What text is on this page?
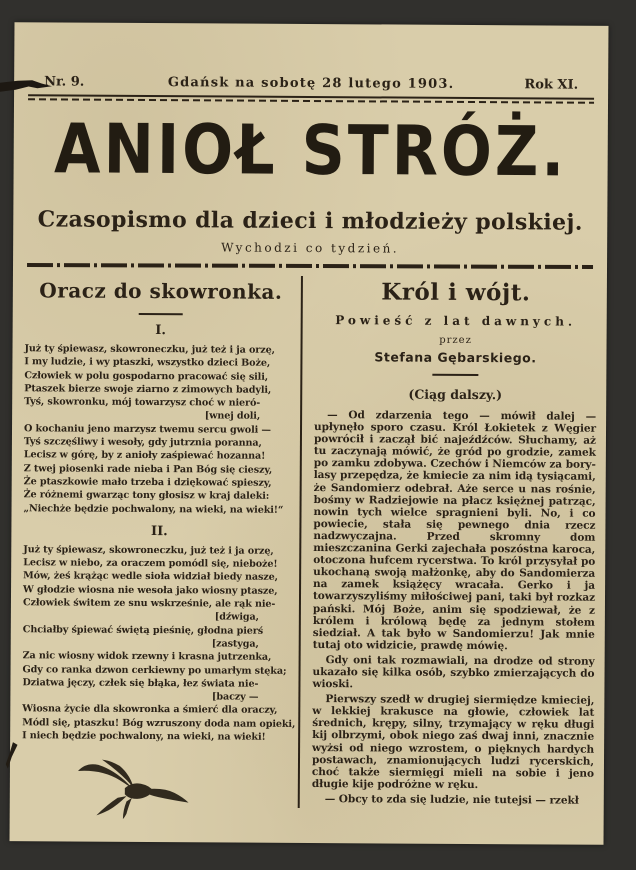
Nr. 9.	Gdańsk na sobotę 28 lutego 1903.	Rok XI.
ANIOŁ STRÓŻ.
Czasopismo dla dzieci i młodzieży polskiej.
Wychodzi co tydzień.
Oracz do skowronka.
I.
Już ty śpiewasz, skowroneczku, już też i ja orzę,
I my ludzie, i wy ptaszki, wszystko dzieci Boże,
Człowiek w polu gospodarno pracować się sili,
Ptaszek bierze swoje ziarno z zimowych badyli,
Tyś, skowronku, mój towarzysz choć w nieró-
[wnej doli,
O kochaniu jeno marzysz twemu sercu gwoli —
Tyś szczęśliwy i wesoły, gdy jutrznia poranna,
Lecisz w górę, by z anioły zaśpiewać hozanna!
Z twej piosenki rade nieba i Pan Bóg się cieszy,
Że ptaszkowie mało trzeba i dziękować spieszy,
Że różnemi gwarząc tony głosisz w kraj daleki:
„Niechże będzie pochwalony, na wieki, na wieki!“
II.
Już ty śpiewasz, skowroneczku, już też i ja orzę,
Lecisz w niebo, za oraczem pomódl się, nieboże!
Mów, żeś krążąc wedle sioła widział biedy nasze,
W głodzie wiosna nie wesoła jako wiosny ptasze,
Człowiek świtem ze snu wskrześnie, ale rąk nie-
[dźwiga,
Chciałby śpiewać świętą pieśnię, głodna pierś
[zastyga,
Za nic wiosny widok rzewny i krasna jutrzenka,
Gdy co ranka dzwon cerkiewny po umarłym stęka;
Dziatwa jęczy, człek się błąka, łez świata nie-
[baczy —
Wiosna życie dla skowronka a śmierć dla oraczy,
Módl się, ptaszku! Bóg wzruszony doda nam opieki,
I niech będzie pochwalony, na wieki, na wieki!
Król i wójt.
Powieść z lat dawnych.
przez
Stefana Gębarskiego.
(Ciąg dalszy.)

— Od zdarzenia tego — mówił dalej — upłynęło sporo czasu. Król Łokietek z Węgier powrócił i zaczął bić najeźdźców. Słuchamy, aż tu zaczynają mówić, że gród po grodzie, zamek po zamku zdobywa. Czechów i Niemców za bory-lasy przepędza, że kmiecie za nim idą tysiącami, że Sandomierz odebrał. Aże serce u nas rośnie, bośmy w Radziejowie na płacz księżnej patrząc, nowin tych wielce spragnieni byli. No, i co powiecie, stała się pewnego dnia rzecz nadzwyczajna. Przed skromny dom mieszczanina Gerki zajechała poszóstna karoca, otoczona hufcem rycerstwa. To król przysyłał po ukochaną swoją małżonkę, aby do Sandomierza na zamek książęcy wracała. Gerko i ja towarzyszyliśmy miłościwej pani, taki był rozkaz pański. Mój Boże, anim się spodziewał, że z królem i królową będę za jednym stołem siedział. A tak było w Sandomierzu! Jak mnie tutaj oto widzicie, prawdę mówię.

Gdy oni tak rozmawiali, na drodze od strony ukazało się kilka osób, szybko zmierzających do wioski.

Pierwszy szedł w drugiej siermiędze kmieciej, w lekkiej krakusce na głowie, człowiek lat średnich, krępy, silny, trzymający w ręku długi kij olbrzymi, obok niego zaś dwaj inni, znacznie wyżsi od niego wzrostem, o pięknych hardych postawach, znamionujących ludzi rycerskich, choć także siermięgi mieli na sobie i jeno długie kije podróżne w ręku.

— Obcy to zda się ludzie, nie tutejsi — rzekł
